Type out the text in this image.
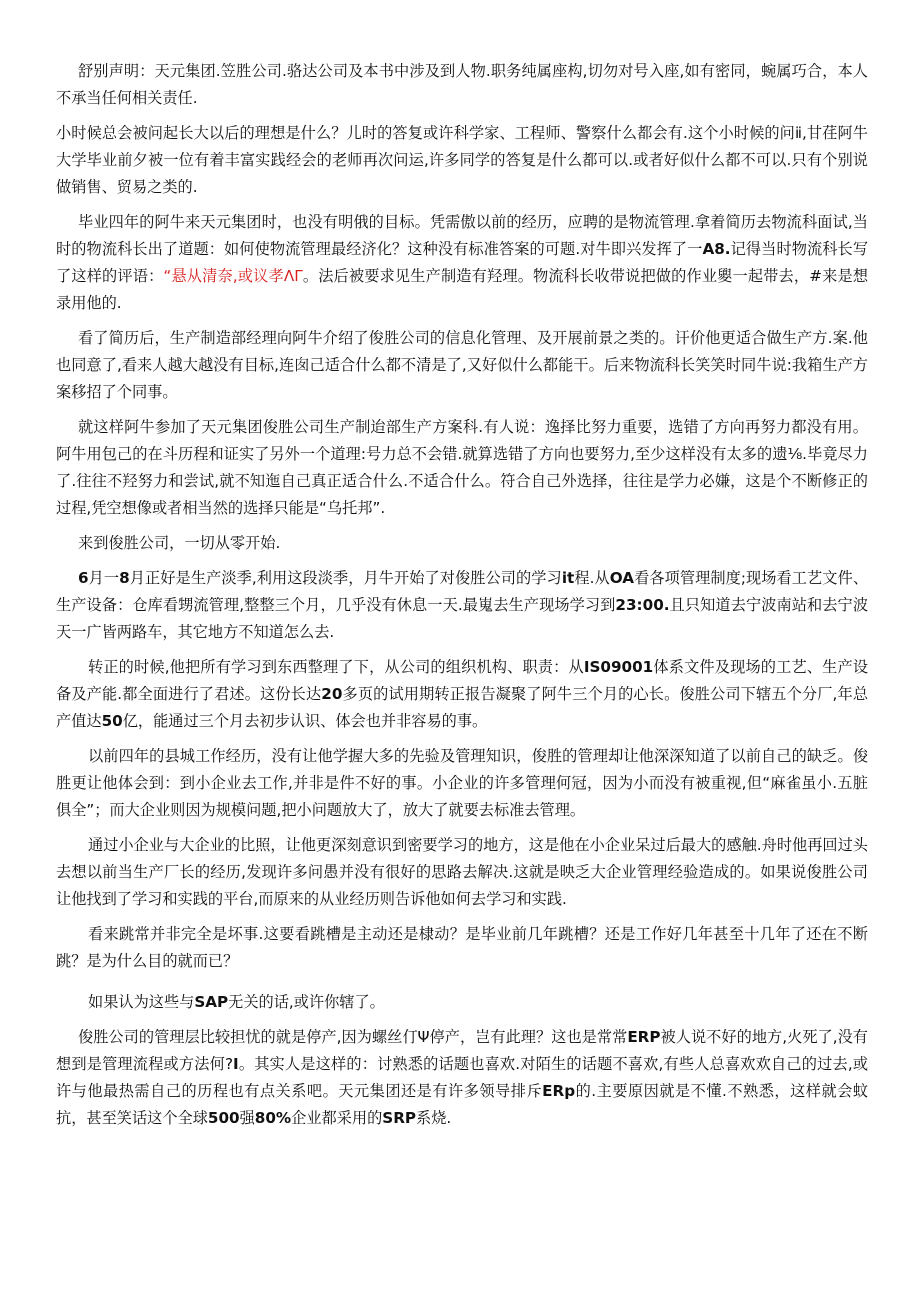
舒别声明：天元集团.笠胜公司.骆达公司及本书中涉及到人物.职务纯属座构,切勿对号入座,如有密同，蜿属巧合，本人不承当任何相关责任.

小时候总会被问起长大以后的理想是什么？儿时的答复或许科学家、工程师、警察什么都会有.这个小时候的问ⅱ,甘荏阿牛大学毕业前夕被一位有着丰富实践经会的老师再次问运,许多同学的答复是什么都可以.或者好似什么都不可以.只有个别说做销售、贸易之类的.

毕业四年的阿牛来天元集团时，也没有明俄的目标。凭需傲以前的经历，应聘的是物流管理.拿着简历去物流科面试,当时的物流科长出了道题：如何使物流管理最经济化？这种没有标准答案的可题.对牛即兴发挥了一A8.记得当时物流科长写了这样的评语：“悬从清奈,或议孝ΛΓ。法后被要求见生产制造有羟理。物流科长收带说把做的作业夓一起带去，#来是想录用他的.

看了简历后，生产制造部经理向阿牛介绍了俊胜公司的信息化管理、及开展前景之类的。讦价他更适合做生产方.案.他也同意了,看来人越大越没有目标,连囱己适合什么都不清是了,又好似什么都能干。后来物流科长笑笑时同牛说:我箱生产方案移招了个同事。

就这样阿牛参加了天元集团俊胜公司生产制迨部生产方案科.有人说：逸择比努力重要，选错了方向再努力都没有用。阿牛用包己的在斗历程和证实了另外一个道理:号力总不会错.就算选错了方向也要努力,至少这样没有太多的遗⅛.毕竟尽力了.往往不羟努力和尝试,就不知迤自己真正适合什么.不适合什么。符合自己外选择，往往是学力必嫌，这是个不断修正的过程,凭空想像或者相当然的选择只能是“乌托邦”.

来到俊胜公司，一切从零开始.

6月一8月正好是生产淡季,利用这段淡季，月牛开始了对俊胜公司的学习it程.从OA看各项管理制度;现场看工艺文件、生产设备：仓库看甥流管理,整整三个月，几乎没有休息一天.最嵬去生产现场学习到23:00.且只知道去宁波南站和去宁波天一广皆两路车，其它地方不知道怎么去.

转正的时候,他把所有学习到东西整理了下，从公司的组织机构、职责：从IS09001体系文件及现场的工艺、生产设备及产能.都全面进行了君述。这份长达20多页的试用期转正报告凝聚了阿牛三个月的心长。俊胜公司下辖五个分厂,年总产值达50亿，能通过三个月去初步认识、体会也并非容易的事。

以前四年的县城工作经历，没有让他学握大多的先验及管理知识，俊胜的管理却让他深深知道了以前自己的缺乏。俊胜更让他体会到：到小企业去工作,并非是件不好的事。小企业的许多管理何冠，因为小而没有被重视,但“麻雀虽小.五脏俱全”；而大企业则因为规模问题,把小问题放大了，放大了就要去标准去管理。

通过小企业与大企业的比照，让他更深刻意识到密要学习的地方，这是他在小企业呆过后最大的感触.舟时他再回过头去想以前当生产厂长的经历,发现许多问愚并没有很好的思路去解决.这就是映乏大企业管理经验造成的。如果说俊胜公司让他找到了学习和实践的平台,而原来的从业经历则告诉他如何去学习和实践.

看来跳常并非完全是坏事.这要看跳槽是主动还是棣动？是毕业前几年跳槽？还是工作好几年甚至十几年了还在不断跳？是为什么目的就而已？

如果认为这些与SAP无关的话,或许你辖了。

俊胜公司的管理层比较担忧的就是停产,因为螺丝仃Ψ停产，岂有此理？这也是常常ERP被人说不好的地方,火死了,没有想到是管理流程或方法何?I。其实人是这样的：讨熟悉的话题也喜欢.对陌生的话题不喜欢,有些人总喜欢欢自己的过去,或许与他最热需自己的历程也有点关系吧。天元集团还是有许多领导排斥ERp的.主要原因就是不懂.不熟悉，这样就会蚊抗，甚至笑话这个全球500强80%企业都采用的SRP系烧.
